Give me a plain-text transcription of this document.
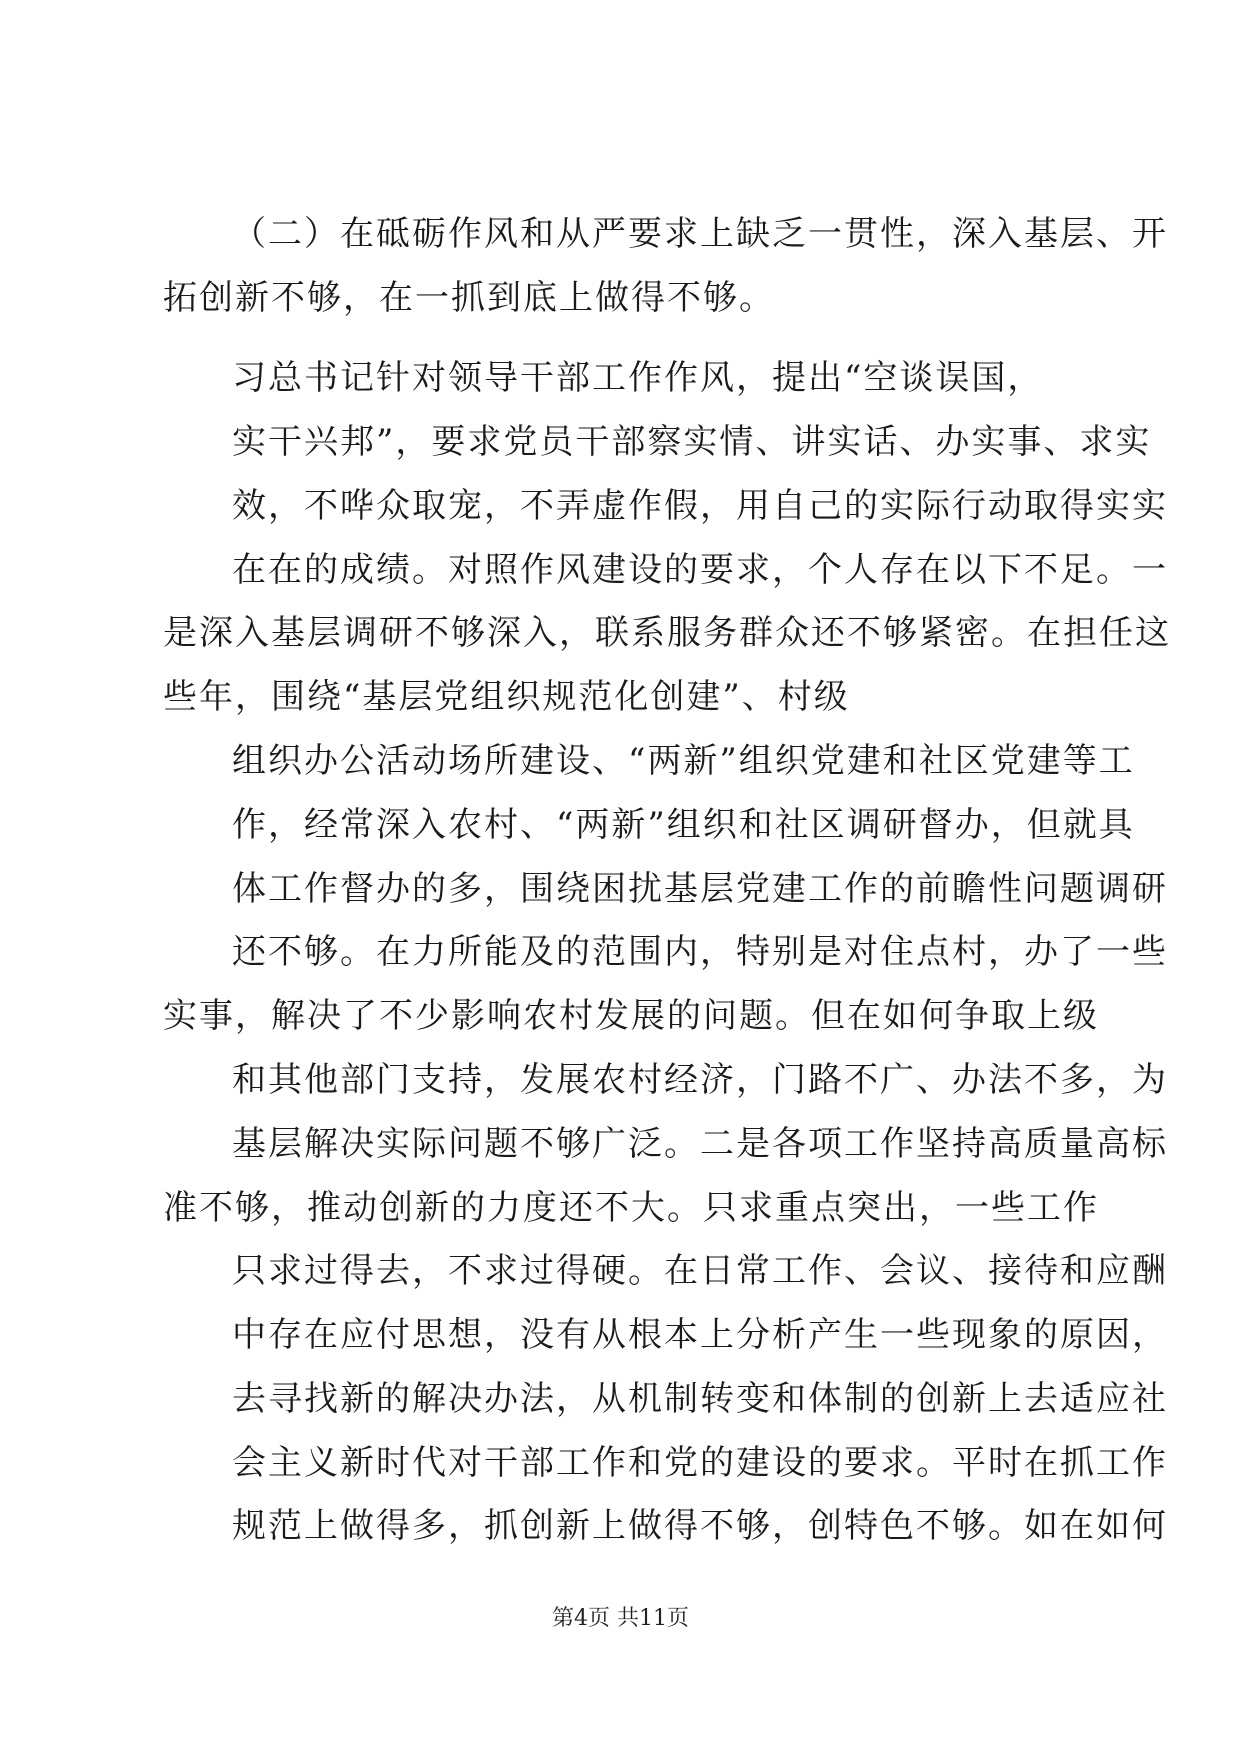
（二）在砥砺作风和从严要求上缺乏一贯性，深入基层、开
拓创新不够，在一抓到底上做得不够。
习总书记针对领导干部工作作风，提出“空谈误国，
实干兴邦”，要求党员干部察实情、讲实话、办实事、求实
效，不哗众取宠，不弄虚作假，用自己的实际行动取得实实
在在的成绩。对照作风建设的要求，个人存在以下不足。一
是深入基层调研不够深入，联系服务群众还不够紧密。在担任这
些年，围绕“基层党组织规范化创建”、村级
组织办公活动场所建设、“两新”组织党建和社区党建等工
作，经常深入农村、“两新”组织和社区调研督办，但就具
体工作督办的多，围绕困扰基层党建工作的前瞻性问题调研
还不够。在力所能及的范围内，特别是对住点村，办了一些
实事，解决了不少影响农村发展的问题。但在如何争取上级
和其他部门支持，发展农村经济，门路不广、办法不多，为
基层解决实际问题不够广泛。二是各项工作坚持高质量高标
准不够，推动创新的力度还不大。只求重点突出，一些工作
只求过得去，不求过得硬。在日常工作、会议、接待和应酬
中存在应付思想，没有从根本上分析产生一些现象的原因，
去寻找新的解决办法，从机制转变和体制的创新上去适应社
会主义新时代对干部工作和党的建设的要求。平时在抓工作
规范上做得多，抓创新上做得不够，创特色不够。如在如何
第4页 共11页
